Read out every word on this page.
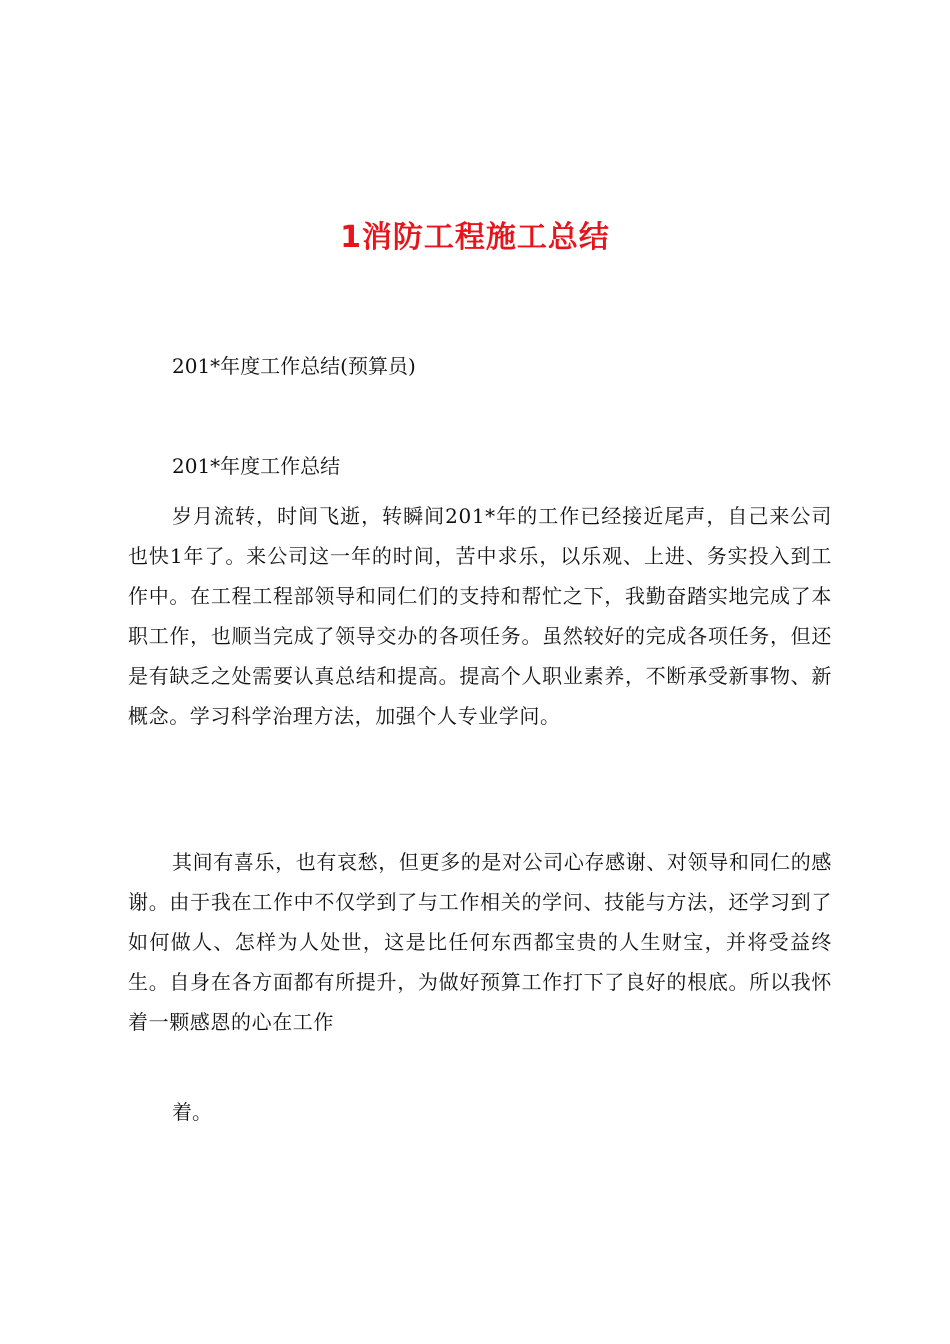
1消防工程施工总结
201*年度工作总结(预算员)
201*年度工作总结
岁月流转，时间飞逝，转瞬间201*年的工作已经接近尾声，自己来公司也快1年了。来公司这一年的时间，苦中求乐，以乐观、上进、务实投入到工作中。在工程工程部领导和同仁们的支持和帮忙之下，我勤奋踏实地完成了本职工作，也顺当完成了领导交办的各项任务。虽然较好的完成各项任务，但还是有缺乏之处需要认真总结和提高。提高个人职业素养，不断承受新事物、新概念。学习科学治理方法，加强个人专业学问。
其间有喜乐，也有哀愁，但更多的是对公司心存感谢、对领导和同仁的感谢。由于我在工作中不仅学到了与工作相关的学问、技能与方法，还学习到了如何做人、怎样为人处世，这是比任何东西都宝贵的人生财宝，并将受益终生。自身在各方面都有所提升，为做好预算工作打下了良好的根底。所以我怀着一颗感恩的心在工作
着。
